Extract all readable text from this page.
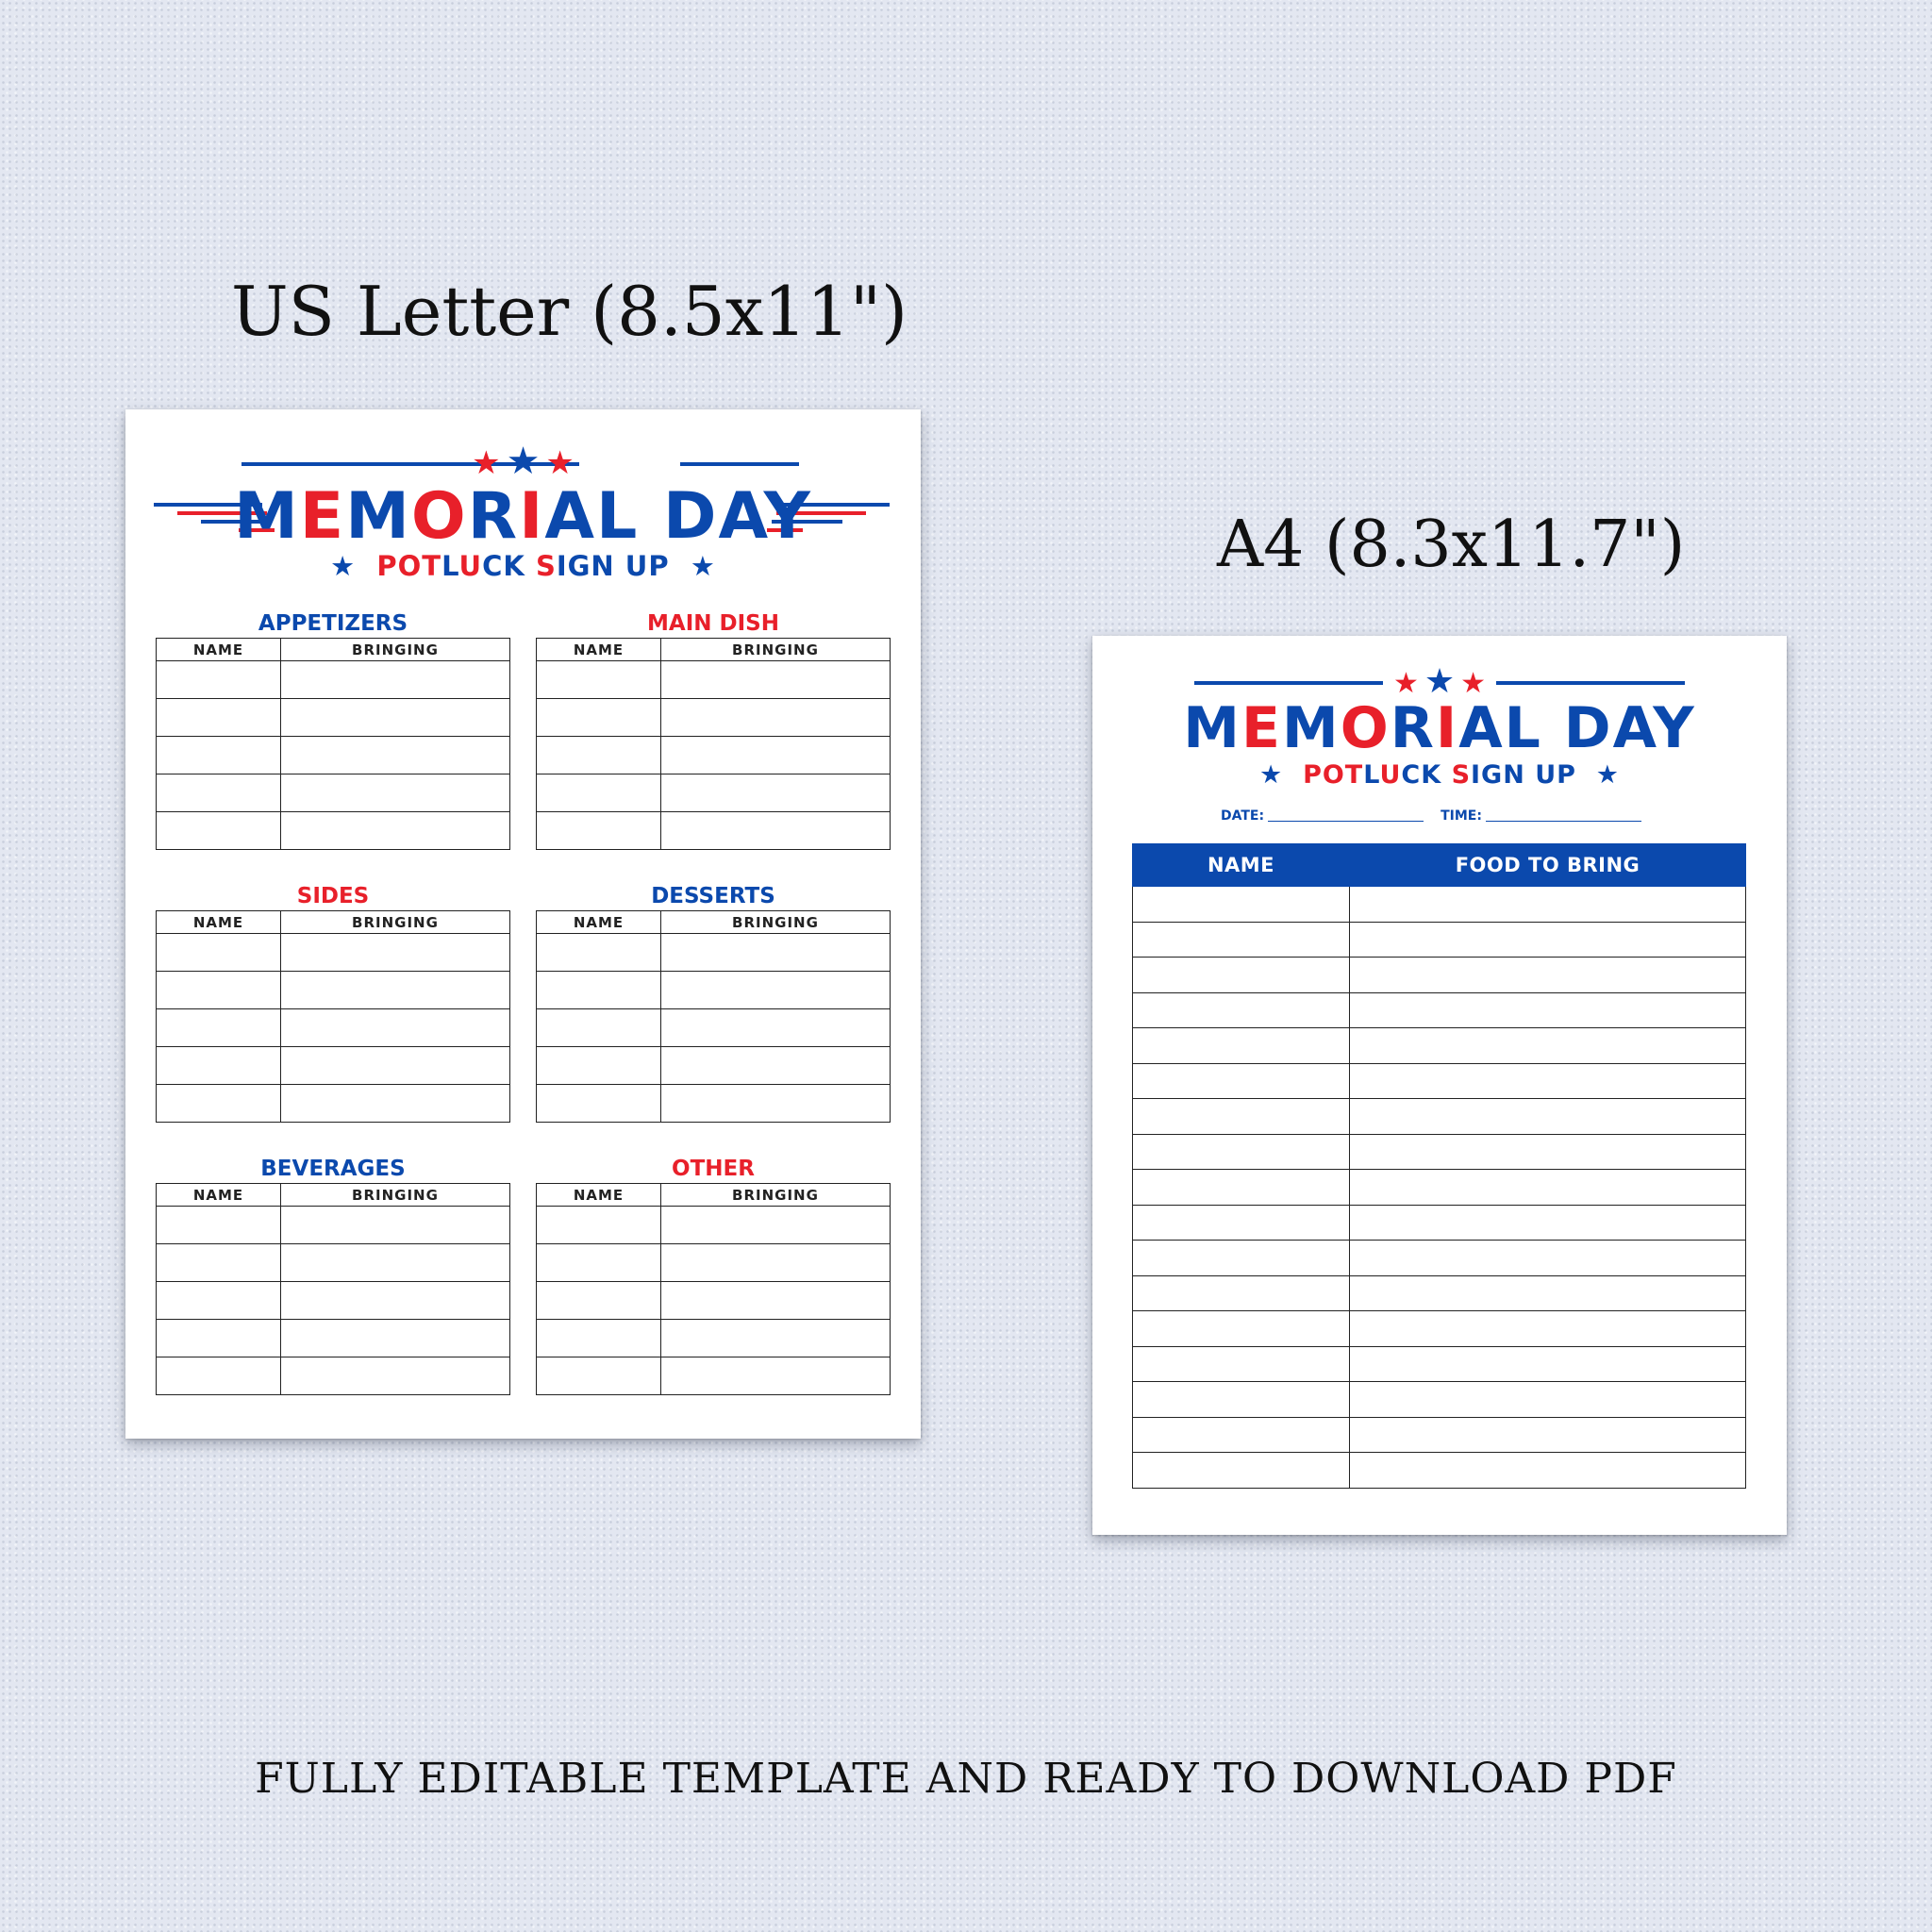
US Letter (8.5x11")
A4 (8.3x11.7")
★ ★ ★
MEMORIAL DAY

★ POTLUCK SIGN UP ★

APPETIZERS
NAME	BRINGING

MAIN DISH
NAME	BRINGING

SIDES
NAME	BRINGING

DESSERTS
NAME	BRINGING

BEVERAGES
NAME	BRINGING

OTHER
NAME	BRINGING

★ ★ ★
MEMORIAL DAY

★ POTLUCK SIGN UP ★

DATE:	TIME:
NAME	FOOD TO BRING

FULLY EDITABLE TEMPLATE AND READY TO DOWNLOAD PDF
